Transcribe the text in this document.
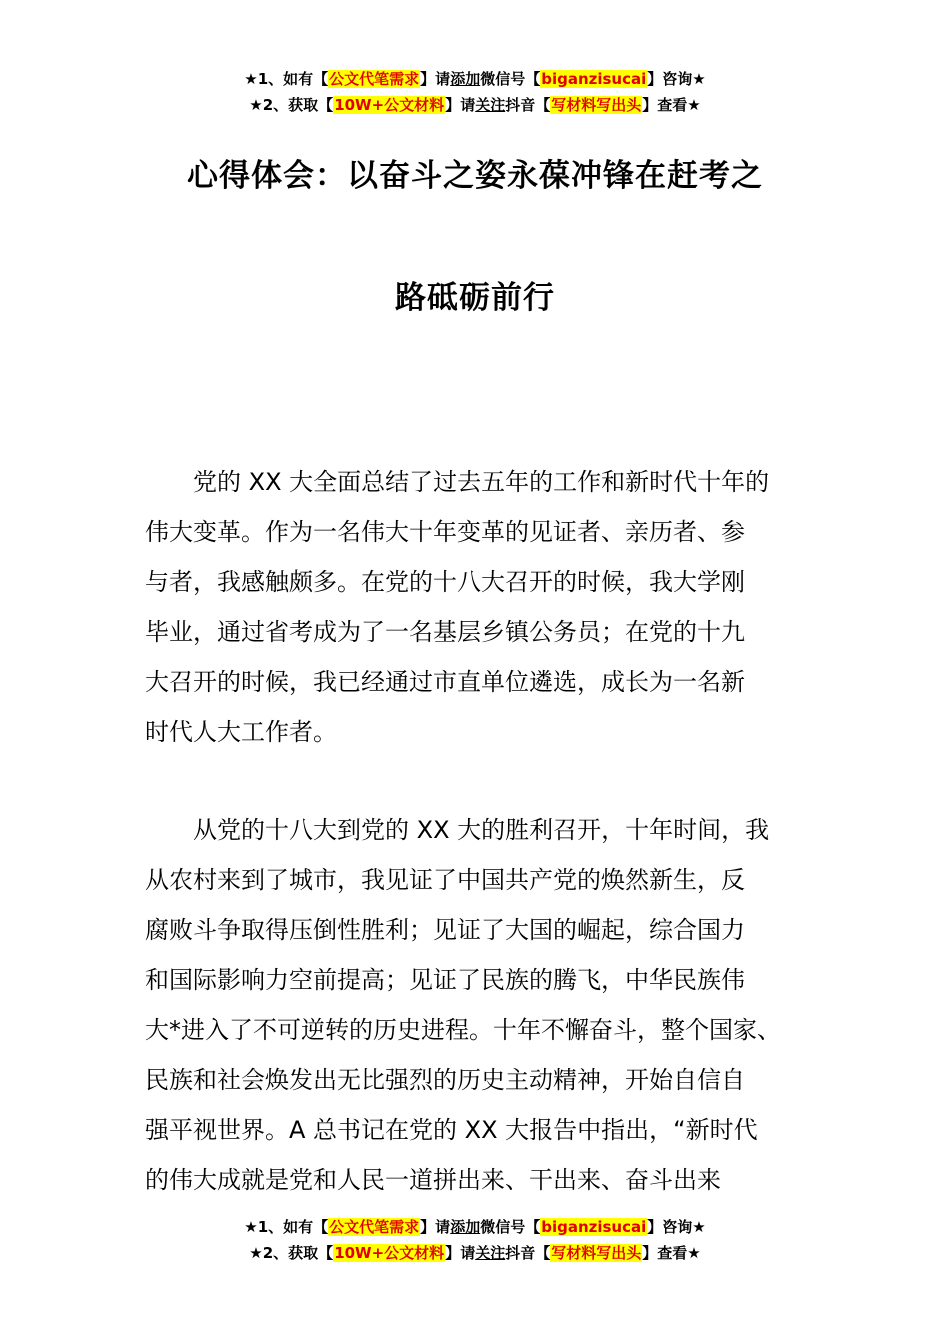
★1、如有【公文代笔需求】请添加微信号【biganzisucai】咨询★
★2、获取【10W+公文材料】请关注抖音【写材料写出头】查看★
心得体会：以奋斗之姿永葆冲锋在赶考之
路砥砺前行
　　党的 XX 大全面总结了过去五年的工作和新时代十年的
伟大变革。作为一名伟大十年变革的见证者、亲历者、参
与者，我感触颇多。在党的十八大召开的时候，我大学刚
毕业，通过省考成为了一名基层乡镇公务员；在党的十九
大召开的时候，我已经通过市直单位遴选，成长为一名新
时代人大工作者。
　　从党的十八大到党的 XX 大的胜利召开，十年时间，我
从农村来到了城市，我见证了中国共产党的焕然新生，反
腐败斗争取得压倒性胜利；见证了大国的崛起，综合国力
和国际影响力空前提高；见证了民族的腾飞，中华民族伟
大*进入了不可逆转的历史进程。十年不懈奋斗，整个国家、
民族和社会焕发出无比强烈的历史主动精神，开始自信自
强平视世界。A 总书记在党的 XX 大报告中指出，“新时代
的伟大成就是党和人民一道拼出来、干出来、奋斗出来
★1、如有【公文代笔需求】请添加微信号【biganzisucai】咨询★
★2、获取【10W+公文材料】请关注抖音【写材料写出头】查看★
